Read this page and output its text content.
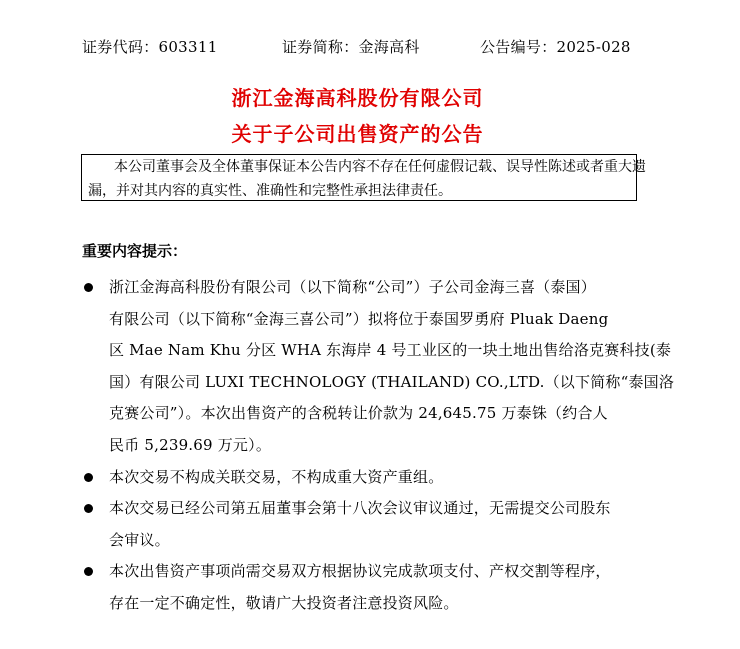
证券代码：603311	证券简称：金海高科	公告编号：2025-028
浙江金海高科股份有限公司
关于子公司出售资产的公告
本公司董事会及全体董事保证本公告内容不存在任何虚假记载、误导性陈述或者重大遗
漏，并对其内容的真实性、准确性和完整性承担法律责任。
重要内容提示：
浙江金海高科股份有限公司（以下简称“公司”）子公司金海三喜（泰国）
有限公司（以下简称“金海三喜公司”）拟将位于泰国罗勇府 Pluak Daeng
区 Mae Nam Khu 分区 WHA 东海岸 4 号工业区的一块土地出售给洛克赛科技(泰
国）有限公司 LUXI TECHNOLOGY (THAILAND) CO.,LTD.（以下简称“泰国洛
克赛公司”）。本次出售资产的含税转让价款为 24,645.75 万泰铢（约合人
民币 5,239.69 万元）。
本次交易不构成关联交易，不构成重大资产重组。
本次交易已经公司第五届董事会第十八次会议审议通过，无需提交公司股东
会审议。
本次出售资产事项尚需交易双方根据协议完成款项支付、产权交割等程序，
存在一定不确定性，敬请广大投资者注意投资风险。
